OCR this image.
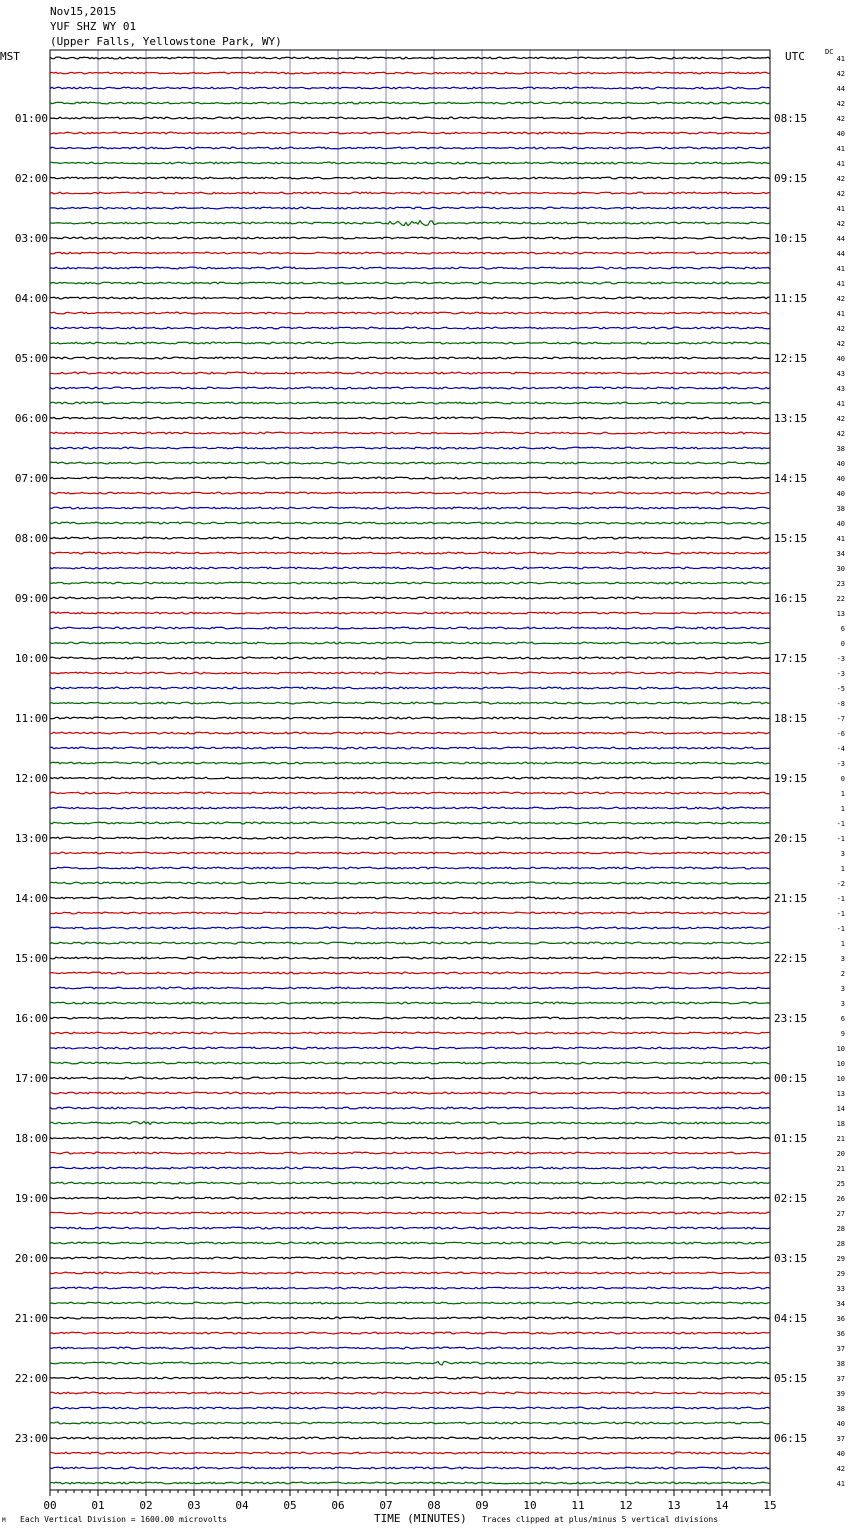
Nov15,2015
YUF SHZ WY 01
(Upper Falls, Yellowstone Park, WY)
MST	UTC	DC
41
42
44
42
42
40
41
41
42
42
41
42
44
44
41
41
42
41
42
42
40
43
43
41
42
42
38
40
40
40
38
40
41
34
30
23
22
13
6
0
-3
-3
-5
-8
-7
-6
-4
-3
0
1
1
-1
-1
3
1
-2
-1
-1
-1
1
3
2
3
3
6
9
10
10
10
13
14
18
21
20
21
25
26
27
28
28
29
29
33
34
36
36
37
38
37
39
38
40
37
40
42
41
01:00
02:00
03:00
04:00
05:00
06:00
07:00
08:00
09:00
10:00
11:00
12:00
13:00
14:00
15:00
16:00
17:00
18:00
19:00
20:00
21:00
22:00
23:00
08:15
09:15
10:15
11:15
12:15
13:15
14:15
15:15
16:15
17:15
18:15
19:15
20:15
21:15
22:15
23:15
00:15
01:15
02:15
03:15
04:15
05:15
06:15
00	01	02	03	04	05	06	07	08	09	10	11	12	13	14	15
M Each Vertical Division = 1600.00 microvolts	TIME (MINUTES) Traces clipped at plus/minus 5 vertical divisions
